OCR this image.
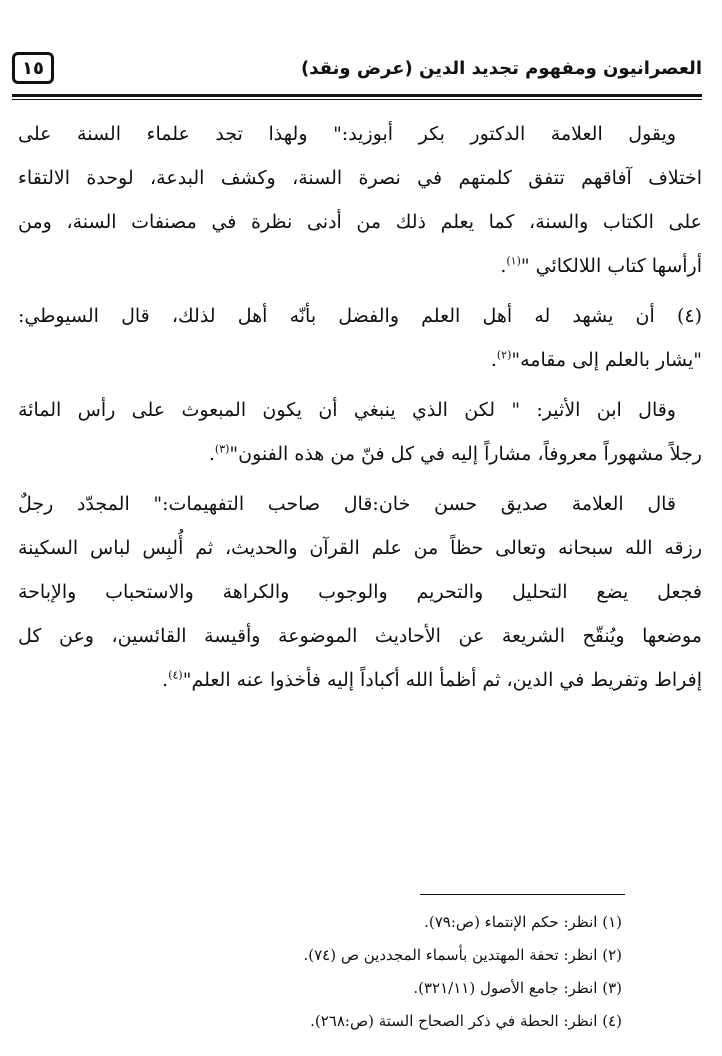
١٥	العصرانيون ومفهوم تجديد الدين (عرض ونقد)
ويقول العلامة الدكتور بكر أبوزيد:" ولهذا تجد علماء السنة على
اختلاف آفاقهم تتفق كلمتهم في نصرة السنة، وكشف البدعة، لوحدة الالتقاء
على الكتاب والسنة، كما يعلم ذلك من أدنى نظرة في مصنفات السنة، ومن
أرأسها كتاب اللالكائي "$^{(١)}$.
(٤) أن يشهد له أهل العلم والفضل بأنّه أهل لذلك، قال السيوطي:
"يشار بالعلم إلى مقامه"$^{(٢)}$.
وقال ابن الأثير: " لكن الذي ينبغي أن يكون المبعوث على رأس المائة
رجلاً مشهوراً معروفاً، مشاراً إليه في كل فنّ من هذه الفنون"$^{(٣)}$.
قال العلامة صديق حسن خان:قال صاحب التفهيمات:" المجدّد رجلٌ
رزقه الله سبحانه وتعالى حظاً من علم القرآن والحديث، ثم أُلبِس لباس السكينة
فجعل يضع التحليل والتحريم والوجوب والكراهة والاستحباب والإباحة
موضعها ويُنقّح الشريعة عن الأحاديث الموضوعة وأقيسة القائسين، وعن كل
إفراط وتفريط في الدين، ثم أظمأ الله أكباداً إليه فأخذوا عنه العلم"$^{(٤)}$.
(١) انظر: حكم الإنتماء (ص:٧٩).
(٢) انظر: تحفة المهتدين بأسماء المجددين ص (٧٤).
(٣) انظر: جامع الأصول (٣٢١/١١).
(٤) انظر: الحطة في ذكر الصحاح الستة (ص:٢٦٨).
